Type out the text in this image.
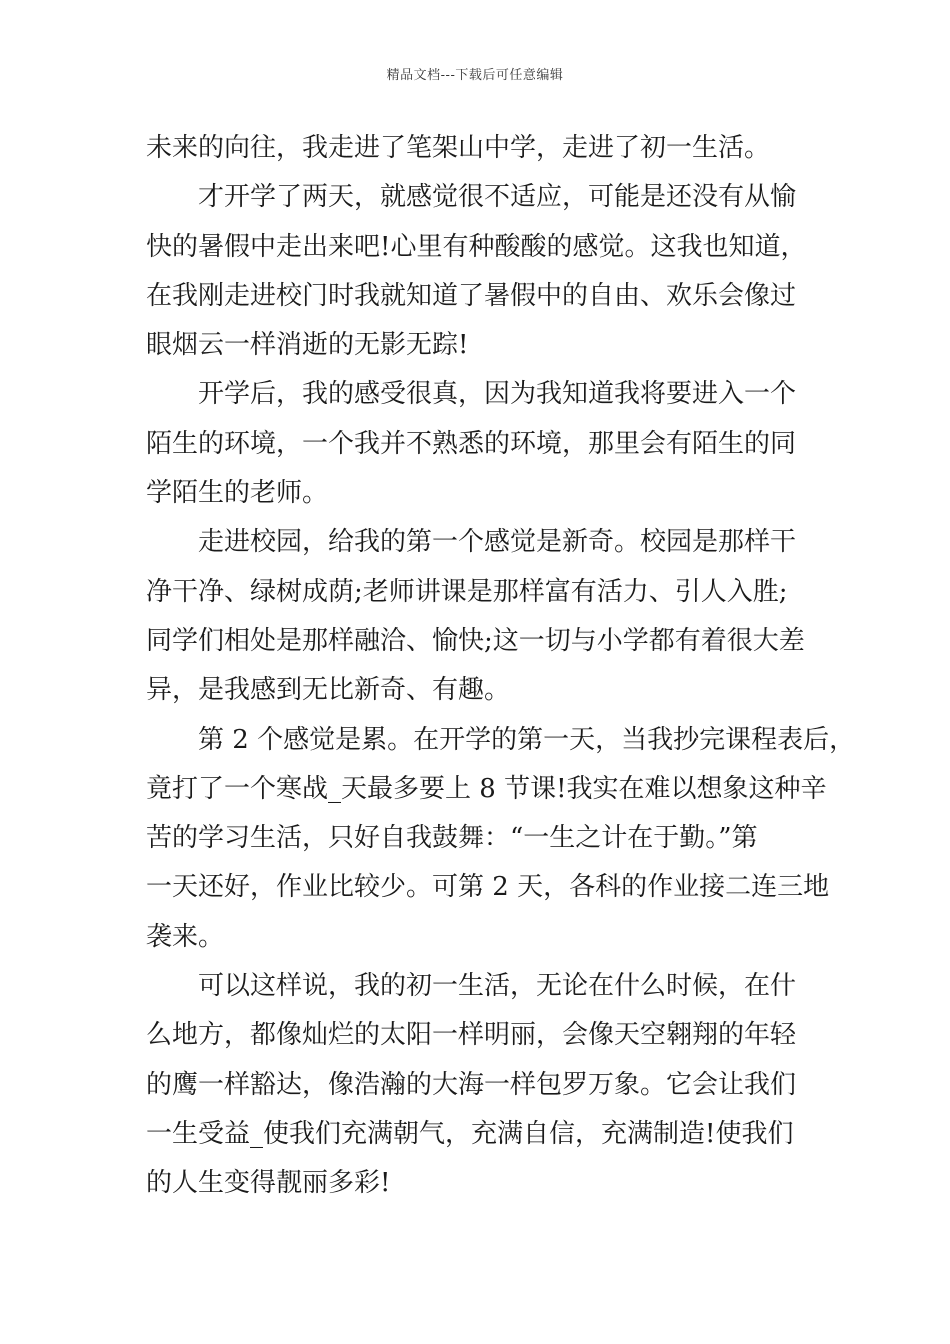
精品文档---下载后可任意编辑
未来的向往，我走进了笔架山中学，走进了初一生活。
才开学了两天，就感觉很不适应，可能是还没有从愉
快的暑假中走出来吧!心里有种酸酸的感觉。这我也知道，
在我刚走进校门时我就知道了暑假中的自由、欢乐会像过
眼烟云一样消逝的无影无踪!
开学后，我的感受很真，因为我知道我将要进入一个
陌生的环境，一个我并不熟悉的环境，那里会有陌生的同
学陌生的老师。
走进校园，给我的第一个感觉是新奇。校园是那样干
净干净、绿树成荫;老师讲课是那样富有活力、引人入胜;
同学们相处是那样融洽、愉快;这一切与小学都有着很大差
异，是我感到无比新奇、有趣。
第 2 个感觉是累。在开学的第一天，当我抄完课程表后，
竟打了一个寒战_天最多要上 8 节课!我实在难以想象这种辛
苦的学习生活，只好自我鼓舞：“一生之计在于勤。”第
一天还好，作业比较少。可第 2 天，各科的作业接二连三地
袭来。
可以这样说，我的初一生活，无论在什么时候，在什
么地方，都像灿烂的太阳一样明丽，会像天空翱翔的年轻
的鹰一样豁达，像浩瀚的大海一样包罗万象。它会让我们
一生受益_使我们充满朝气，充满自信，充满制造!使我们
的人生变得靓丽多彩!
